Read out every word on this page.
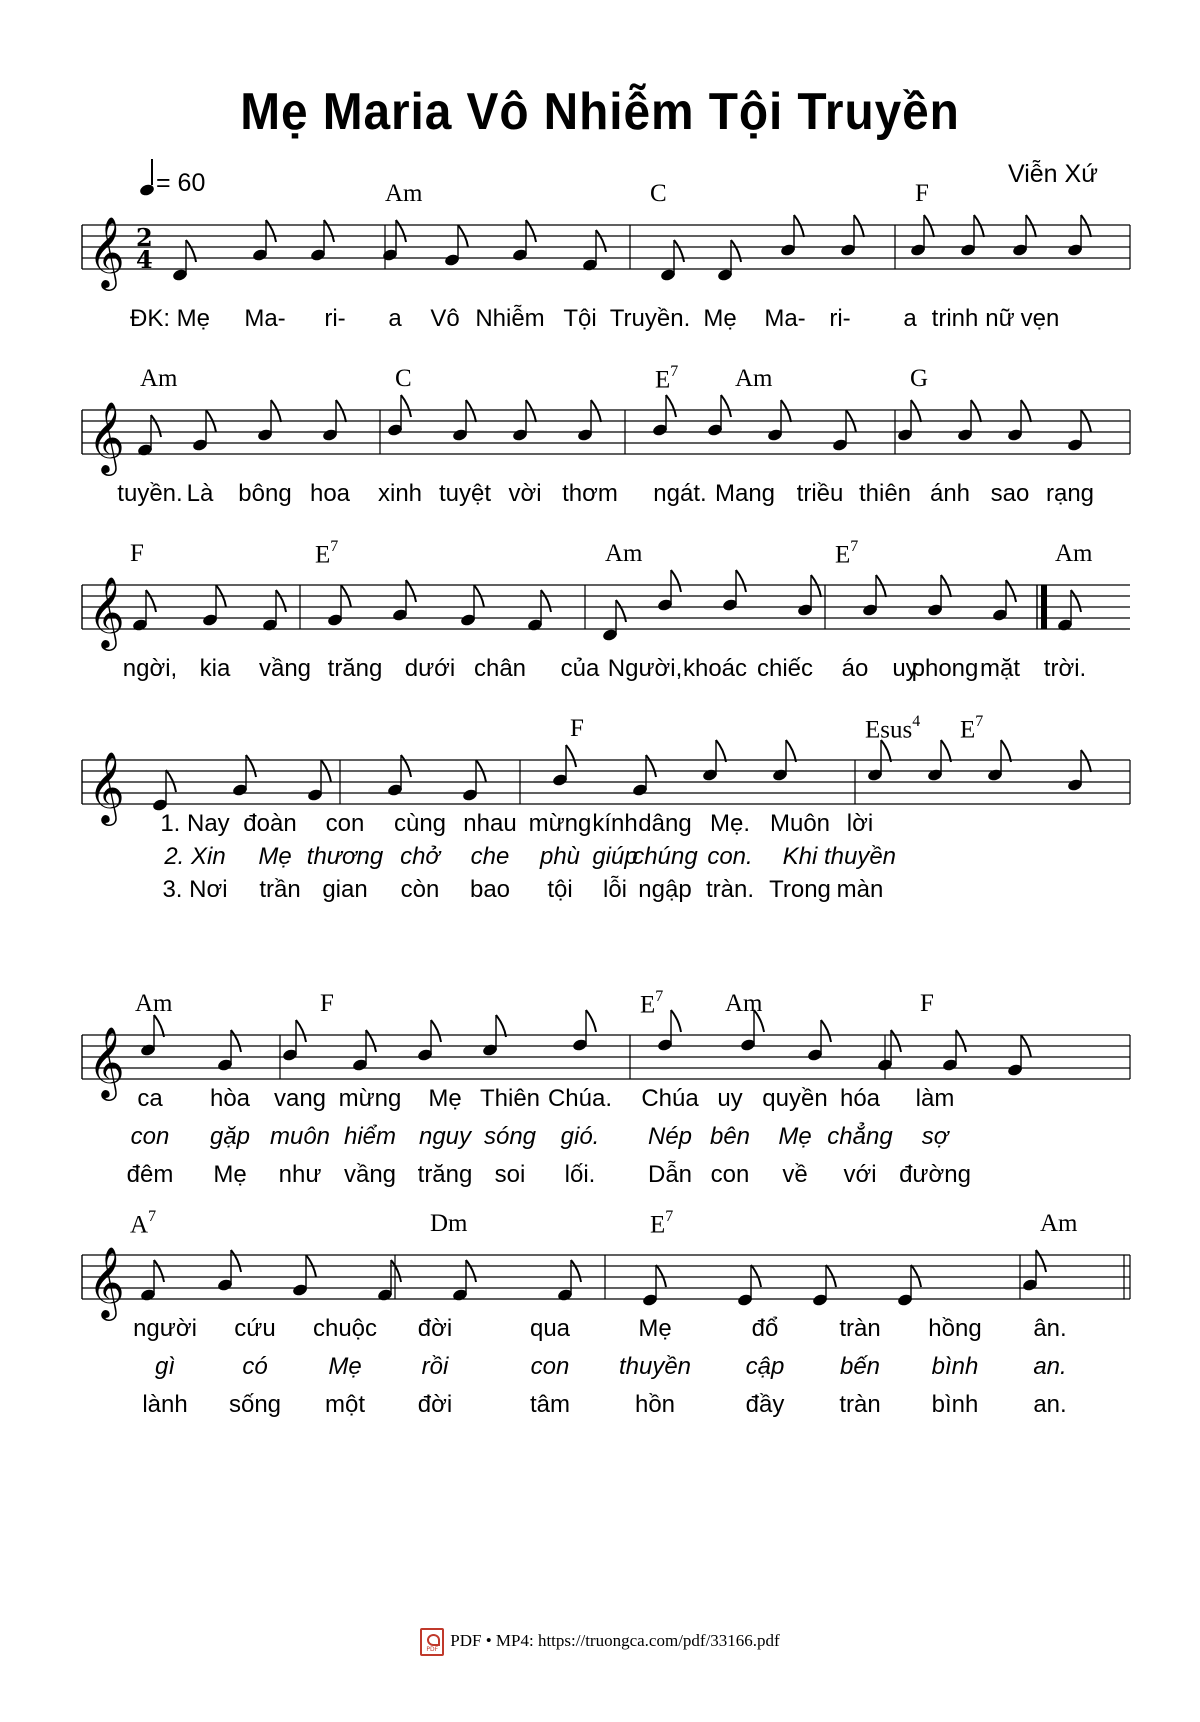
Mẹ Maria Vô Nhiễm Tội Truyền
Viễn Xứ
= 60
𝄞 2
4
Am	C	F
ĐK: Mẹ Ma- ri- a Vô Nhiễm Tội Truyền. Mẹ Ma- ri- a trinh nữ vẹn
𝄞
Am	C	$E^7$ Am	G
tuyền. Là bông hoa xinh tuyệt vời thơm ngát. Mang triều thiên ánh sao rạng
𝄞
F	$E^7$	Am	$E^7$	Am
ngời, kia vầng trăng dưới chân của Người, khoác chiếc áo uy
phong mặt trời.
𝄞
F	Esus$^4$ $E^7$
1. Nay đoàn con cùng nhau mừng kính dâng Mẹ. Muôn lời
2. Xin Mẹ thương chở che phù giúp
chúng con. Khi thuyền
3. Nơi trần gian còn bao tội lỗi ngập tràn. Trong màn
𝄞
Am	F	$E^7$ Am	F
ca hòa vang mừng Mẹ Thiên Chúa. Chúa uy quyền hóa làm
con gặp muôn hiểm nguy sóng gió. Nép bên Mẹ chẳng sợ
đêm Mẹ như vầng trăng soi lối. Dẫn con về với đường
𝄞
$A^7$	Dm	$E^7$	Am
người cứu chuộc đời	qua	Mẹ	đổ	tràn hồng ân.
gì	có	Mẹ rồi	con thuyền cập bến bình an.
lành sống một đời	tâm	hồn	đầy tràn bình an.
PDFPDF • MP4: https://truongca.com/pdf/33166.pdf
